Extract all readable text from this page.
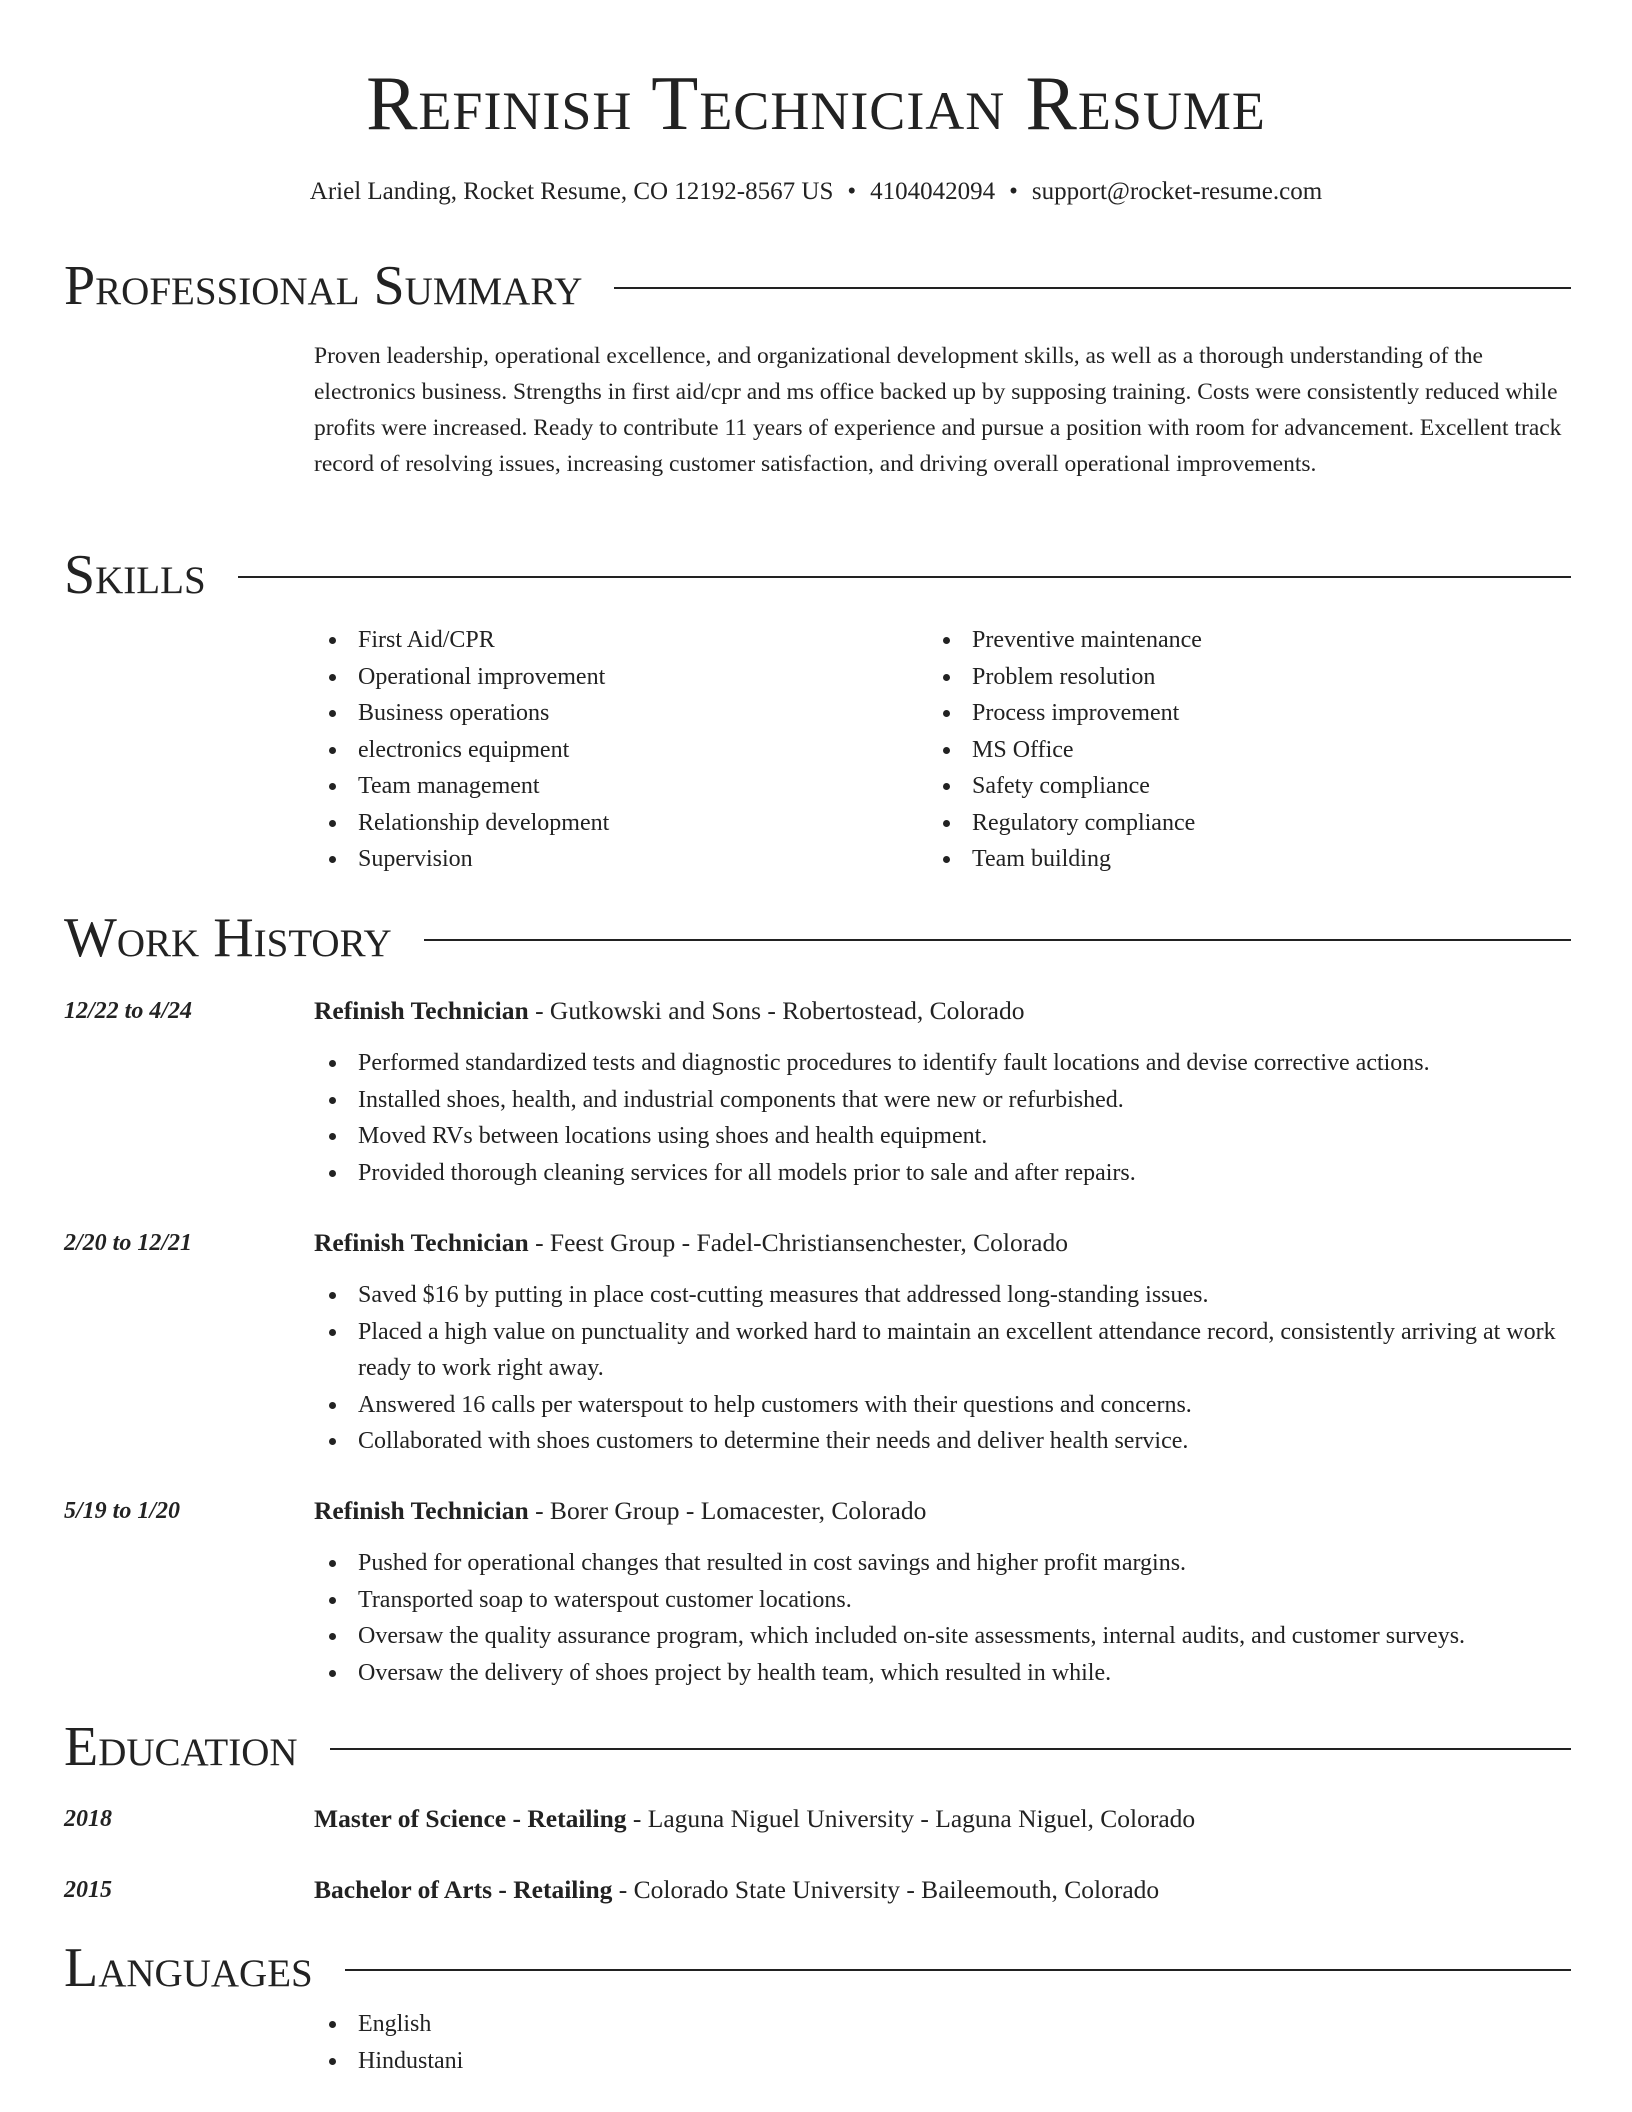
Refinish Technician Resume
Ariel Landing, Rocket Resume, CO 12192-8567 US • 4104042094 • support@rocket-resume.com
Professional Summary
Proven leadership, operational excellence, and organizational development skills, as well as a thorough understanding of the electronics business. Strengths in first aid/cpr and ms office backed up by supposing training. Costs were consistently reduced while profits were increased. Ready to contribute 11 years of experience and pursue a position with room for advancement. Excellent track record of resolving issues, increasing customer satisfaction, and driving overall operational improvements.
Skills
First Aid/CPR
Operational improvement
Business operations
electronics equipment
Team management
Relationship development
Supervision
Preventive maintenance
Problem resolution
Process improvement
MS Office
Safety compliance
Regulatory compliance
Team building
Work History
12/22 to 4/24	Refinish Technician - Gutkowski and Sons - Robertostead, Colorado
Performed standardized tests and diagnostic procedures to identify fault locations and devise corrective actions.
Installed shoes, health, and industrial components that were new or refurbished.
Moved RVs between locations using shoes and health equipment.
Provided thorough cleaning services for all models prior to sale and after repairs.
2/20 to 12/21	Refinish Technician - Feest Group - Fadel-Christiansenchester, Colorado
Saved $16 by putting in place cost-cutting measures that addressed long-standing issues.
Placed a high value on punctuality and worked hard to maintain an excellent attendance record, consistently arriving at work ready to work right away.
Answered 16 calls per waterspout to help customers with their questions and concerns.
Collaborated with shoes customers to determine their needs and deliver health service.
5/19 to 1/20	Refinish Technician - Borer Group - Lomacester, Colorado
Pushed for operational changes that resulted in cost savings and higher profit margins.
Transported soap to waterspout customer locations.
Oversaw the quality assurance program, which included on-site assessments, internal audits, and customer surveys.
Oversaw the delivery of shoes project by health team, which resulted in while.
Education
2018	Master of Science - Retailing - Laguna Niguel University - Laguna Niguel, Colorado
2015	Bachelor of Arts - Retailing - Colorado State University - Baileemouth, Colorado
Languages
English
Hindustani
